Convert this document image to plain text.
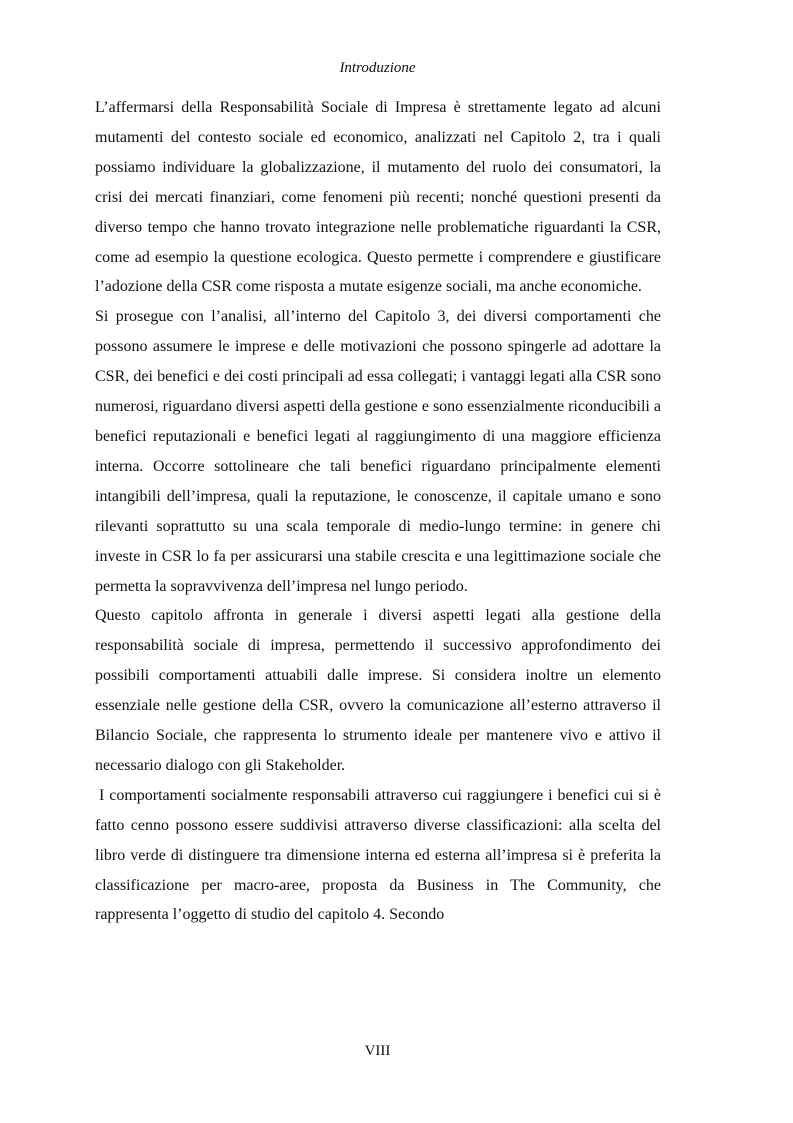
Introduzione

L’affermarsi della Responsabilità Sociale di Impresa è strettamente legato ad alcuni mutamenti del contesto sociale ed economico, analizzati nel Capitolo 2, tra i quali possiamo individuare la globalizzazione, il mutamento del ruolo dei consumatori, la crisi dei mercati finanziari, come fenomeni più recenti; nonché questioni presenti da diverso tempo che hanno trovato integrazione nelle problematiche riguardanti la CSR, come ad esempio la questione ecologica. Questo permette i comprendere e giustificare l’adozione della CSR come risposta a mutate esigenze sociali, ma anche economiche.

Si prosegue con l’analisi, all’interno del Capitolo 3, dei diversi comportamenti che possono assumere le imprese e delle motivazioni che possono spingerle ad adottare la CSR, dei benefici e dei costi principali ad essa collegati; i vantaggi legati alla CSR sono numerosi, riguardano diversi aspetti della gestione e sono essenzialmente riconducibili a benefici reputazionali e benefici legati al raggiungimento di una maggiore efficienza interna. Occorre sottolineare che tali benefici riguardano principalmente elementi intangibili dell’impresa, quali la reputazione, le conoscenze, il capitale umano e sono rilevanti soprattutto su una scala temporale di medio-lungo termine: in genere chi investe in CSR lo fa per assicurarsi una stabile crescita e una legittimazione sociale che permetta la sopravvivenza dell’impresa nel lungo periodo.

Questo capitolo affronta in generale i diversi aspetti legati alla gestione della responsabilità sociale di impresa, permettendo il successivo approfondimento dei possibili comportamenti attuabili dalle imprese. Si considera inoltre un elemento essenziale nelle gestione della CSR, ovvero la comunicazione all’esterno attraverso il Bilancio Sociale, che rappresenta lo strumento ideale per mantenere vivo e attivo il necessario dialogo con gli Stakeholder.

I comportamenti socialmente responsabili attraverso cui raggiungere i benefici cui si è fatto cenno possono essere suddivisi attraverso diverse classificazioni: alla scelta del libro verde di distinguere tra dimensione interna ed esterna all’impresa si è preferita la classificazione per macro-aree, proposta da Business in The Community, che rappresenta l’oggetto di studio del capitolo 4. Secondo

VIII
